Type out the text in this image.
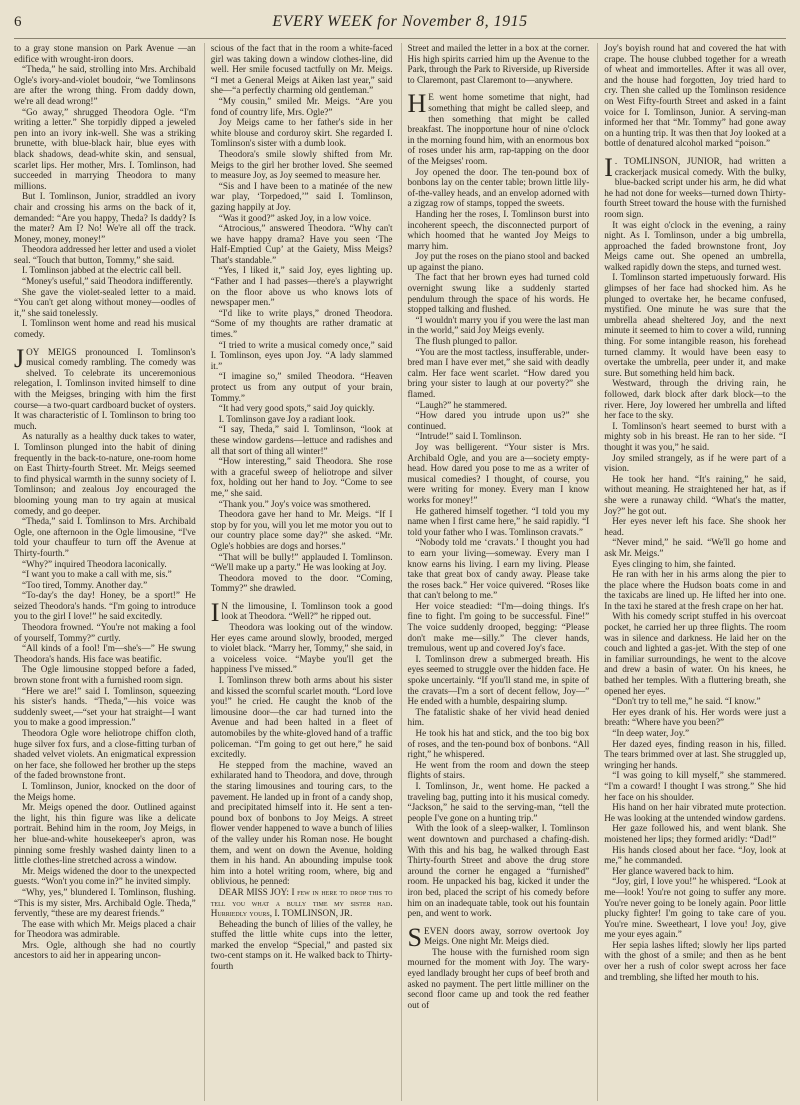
6	EVERY WEEK for November 8, 1915

to a gray stone mansion on Park Avenue —an edifice with wrought-iron doors.

“Theda,” he said, strolling into Mrs. Archibald Ogle's ivory-and-violet boudoir, “we Tomlinsons are after the wrong thing. From daddy down, we're all dead wrong!”

“Go away,” shrugged Theodora Ogle. “I'm writing a letter.” She torpidly dipped a jeweled pen into an ivory ink-well. She was a striking brunette, with blue-black hair, blue eyes with black shadows, dead-white skin, and sensual, scarlet lips. Her mother, Mrs. I. Tomlinson, had succeeded in marrying Theodora to many millions.

But I. Tomlinson, Junior, straddled an ivory chair and crossing his arms on the back of it, demanded: “Are you happy, Theda? Is daddy? Is the mater? Am I? No! We're all off the track. Money, money, money!”

Theodora addressed her letter and used a violet seal. “Touch that button, Tommy,” she said.

I. Tomlinson jabbed at the electric call bell.

“Money's useful,” said Theodora indifferently.

She gave the violet-sealed letter to a maid. “You can't get along without money—oodles of it,” she said tonelessly.

I. Tomlinson went home and read his musical comedy.

JOY MEIGS pronounced I. Tomlinson's musical comedy rambling. The comedy was shelved. To celebrate its unceremonious relegation, I. Tomlinson invited himself to dine with the Meigses, bringing with him the first course—a two-quart cardboard bucket of oysters. It was characteristic of I. Tomlinson to bring too much.

As naturally as a healthy duck takes to water, I. Tomlinson plunged into the habit of dining frequently in the back-to-nature, one-room home on East Thirty-fourth Street. Mr. Meigs seemed to find physical warmth in the sunny society of I. Tomlinson; and zealous Joy encouraged the blooming young man to try again at musical comedy, and go deeper.

“Theda,” said I. Tomlinson to Mrs. Archibald Ogle, one afternoon in the Ogle limousine, “I've told your chauffeur to turn off the Avenue at Thirty-fourth.”

“Why?” inquired Theodora laconically.

“I want you to make a call with me, sis.”

“Too tired, Tommy. Another day.”

“To-day's the day! Honey, be a sport!” He seized Theodora's hands. “I'm going to introduce you to the girl I love!” he said excitedly.

Theodora frowned. “You're not making a fool of yourself, Tommy?” curtly.

“All kinds of a fool! I'm—she's—” He swung Theodora's hands. His face was beatific.

The Ogle limousine stopped before a faded, brown stone front with a furnished room sign.

“Here we are!” said I. Tomlinson, squeezing his sister's hands. “Theda,”—his voice was suddenly sweet,—“set your hat straight—I want you to make a good impression.”

Theodora Ogle wore heliotrope chiffon cloth, huge silver fox furs, and a close-fitting turban of shaded velvet violets. An enigmatical expression on her face, she followed her brother up the steps of the faded brownstone front.

I. Tomlinson, Junior, knocked on the door of the Meigs home.

Mr. Meigs opened the door. Outlined against the light, his thin figure was like a delicate portrait. Behind him in the room, Joy Meigs, in her blue-and-white housekeeper's apron, was pinning some freshly washed dainty linen to a little clothes-line stretched across a window.

Mr. Meigs widened the door to the unexpected guests. “Won't you come in?” he invited simply.

“Why, yes,” blundered I. Tomlinson, flushing. “This is my sister, Mrs. Archibald Ogle. Theda,” fervently, “these are my dearest friends.”

The ease with which Mr. Meigs placed a chair for Theodora was admirable.

Mrs. Ogle, although she had no courtly ancestors to aid her in appearing uncon-

scious of the fact that in the room a white-faced girl was taking down a window clothes-line, did well. Her smile focused tactfully on Mr. Meigs. “I met a General Meigs at Aiken last year,” said she—“a perfectly charming old gentleman.”

“My cousin,” smiled Mr. Meigs. “Are you fond of country life, Mrs. Ogle?”

Joy Meigs came to her father's side in her white blouse and corduroy skirt. She regarded I. Tomlinson's sister with a dumb look.

Theodora's smile slowly shifted from Mr. Meigs to the girl her brother loved. She seemed to measure Joy, as Joy seemed to measure her.

“Sis and I have been to a matinée of the new war play, ‘Torpedoed,’” said I. Tomlinson, gazing happily at Joy.

“Was it good?” asked Joy, in a low voice.

“Atrocious,” answered Theodora. “Why can't we have happy drama? Have you seen ‘The Half-Emptied Cup’ at the Gaiety, Miss Meigs? That's standable.”

“Yes, I liked it,” said Joy, eyes lighting up. “Father and I had passes—there's a playwright on the floor above us who knows lots of newspaper men.”

“I'd like to write plays,” droned Theodora. “Some of my thoughts are rather dramatic at times.”

“I tried to write a musical comedy once,” said I. Tomlinson, eyes upon Joy. “A lady slammed it.”

“I imagine so,” smiled Theodora. “Heaven protect us from any output of your brain, Tommy.”

“It had very good spots,” said Joy quickly.

I. Tomlinson gave Joy a radiant look.

“I say, Theda,” said I. Tomlinson, “look at these window gardens—lettuce and radishes and all that sort of thing all winter!”

“How interesting,” said Theodora. She rose with a graceful sweep of heliotrope and silver fox, holding out her hand to Joy. “Come to see me,” she said.

“Thank you.” Joy's voice was smothered.

Theodora gave her hand to Mr. Meigs. “If I stop by for you, will you let me motor you out to our country place some day?” she asked. “Mr. Ogle's hobbies are dogs and horses.”

“That will be bully!” applauded I. Tomlinson. “We'll make up a party.” He was looking at Joy.

Theodora moved to the door. “Coming, Tommy?” she drawled.

I N the limousine, I. Tomlinson took a good look at Theodora. “Well?” he ripped out.

Theodora was looking out of the window. Her eyes came around slowly, brooded, merged to violet black. “Marry her, Tommy,” she said, in a voiceless voice. “Maybe you'll get the happiness I've missed.”

I. Tomlinson threw both arms about his sister and kissed the scornful scarlet mouth. “Lord love you!” he cried. He caught the knob of the limousine door—the car had turned into the Avenue and had been halted in a fleet of automobiles by the white-gloved hand of a traffic policeman. “I'm going to get out here,” he said excitedly.

He stepped from the machine, waved an exhilarated hand to Theodora, and dove, through the staring limousines and touring cars, to the pavement. He landed up in front of a candy shop, and precipitated himself into it. He sent a ten-pound box of bonbons to Joy Meigs. A street flower vender happened to wave a bunch of lilies of the valley under his Roman nose. He bought them, and went on down the Avenue, holding them in his hand. An abounding impulse took him into a hotel writing room, where, big and oblivious, he penned:

DEAR MISS JOY: I few in here to drop this to tell you what a bully time my sister had. Hurriedly yours, I. TOMLINSON, JR.

Beheading the bunch of lilies of the valley, he stuffed the little white cups into the letter, marked the envelop “Special,” and pasted six two-cent stamps on it. He walked back to Thirty-fourth

Street and mailed the letter in a box at the corner. His high spirits carried him up the Avenue to the Park, through the Park to Riverside, up Riverside to Claremont, past Claremont to—anywhere.

H E went home sometime that night, had something that might be called sleep, and then something that might be called breakfast. The inopportune hour of nine o'clock in the morning found him, with an enormous box of roses under his arm, rap-tapping on the door of the Meigses' room.

Joy opened the door. The ten-pound box of bonbons lay on the center table; brown little lily-of-the-valley heads, and an envelop adorned with a zigzag row of stamps, topped the sweets.

Handing her the roses, I. Tomlinson burst into incoherent speech, the disconnected purport of which hoomed that he wanted Joy Meigs to marry him.

Joy put the roses on the piano stool and backed up against the piano.

The fact that her brown eyes had turned cold overnight swung like a suddenly started pendulum through the space of his words. He stopped talking and flushed.

“I wouldn't marry you if you were the last man in the world,” said Joy Meigs evenly.

The flush plunged to pallor.

“You are the most tactless, insufferable, under-bred man I have ever met,” she said with deadly calm. Her face went scarlet. “How dared you bring your sister to laugh at our poverty?” she flamed.

“Laugh?” he stammered.

“How dared you intrude upon us?” she continued.

“Intrude!” said I. Tomlinson.

Joy was belligerent. “Your sister is Mrs. Archibald Ogle, and you are a—society empty-head. How dared you pose to me as a writer of musical comedies? I thought, of course, you were writing for money. Every man I know works for money!”

He gathered himself together. “I told you my name when I first came here,” he said rapidly. “I told your father who I was. Tomlinson cravats.”

“Nobody told me ‘cravats.’ I thought you had to earn your living—someway. Every man I know earns his living. I earn my living. Please take that great box of candy away. Please take the roses back.” Her voice quivered. “Roses like that can't belong to me.”

Her voice steadied: “I'm—doing things. It's fine to fight. I'm going to be successful. Fine!” The voice suddenly drooped, begging: “Please don't make me—silly.” The clever hands, tremulous, went up and covered Joy's face.

I. Tomlinson drew a submerged breath. His eyes seemed to struggle over the hidden face. He spoke uncertainly. “If you'll stand me, in spite of the cravats—I'm a sort of decent fellow, Joy—” He ended with a humble, despairing slump.

The fatalistic shake of her vivid head denied him.

He took his hat and stick, and the too big box of roses, and the ten-pound box of bonbons. “All right,” he whispered.

He went from the room and down the steep flights of stairs.

I. Tomlinson, Jr., went home. He packed a traveling bag, putting into it his musical comedy. “Jackson,” he said to the serving-man, “tell the people I've gone on a hunting trip.”

With the look of a sleep-walker, I. Tomlinson went downtown and purchased a chafing-dish. With this and his bag, he walked through East Thirty-fourth Street and above the drug store around the corner he engaged a “furnished” room. He unpacked his bag, kicked it under the iron bed, placed the script of his comedy before him on an inadequate table, took out his fountain pen, and went to work.

SEVEN doors away, sorrow overtook Joy Meigs. One night Mr. Meigs died.

The house with the furnished room sign mourned for the moment with Joy. The wary-eyed landlady brought her cups of beef broth and asked no payment. The pert little milliner on the second floor came up and took the red feather out of

Joy's boyish round hat and covered the hat with crape. The house clubbed together for a wreath of wheat and immortelles. After it was all over, and the house had forgotten, Joy tried hard to cry. Then she called up the Tomlinson residence on West Fifty-fourth Street and asked in a faint voice for I. Tomlinson, Junior. A serving-man informed her that “Mr. Tommy” had gone away on a hunting trip. It was then that Joy looked at a bottle of denatured alcohol marked “poison.”

I . TOMLINSON, JUNIOR, had written a crackerjack musical comedy. With the bulky, blue-backed script under his arm, he did what he had not done for weeks—turned down Thirty-fourth Street toward the house with the furnished room sign.

It was eight o'clock in the evening, a rainy night. As I. Tomlinson, under a big umbrella, approached the faded brownstone front, Joy Meigs came out. She opened an umbrella, walked rapidly down the steps, and turned west.

I. Tomlinson started impetuously forward. His glimpses of her face had shocked him. As he plunged to overtake her, he became confused, mystified. One minute he was sure that the umbrella ahead sheltered Joy, and the next minute it seemed to him to cover a wild, running thing. For some intangible reason, his forehead turned clammy. It would have been easy to overtake the umbrella, peer under it, and make sure. But something held him back.

Westward, through the driving rain, he followed, dark block after dark block—to the river. Here, Joy lowered her umbrella and lifted her face to the sky.

I. Tomlinson's heart seemed to burst with a mighty sob in his breast. He ran to her side. “I thought it was you,” he said.

Joy smiled strangely, as if he were part of a vision.

He took her hand. “It's raining,” he said, without meaning. He straightened her hat, as if she were a runaway child. “What's the matter, Joy?” he got out.

Her eyes never left his face. She shook her head.

“Never mind,” he said. “We'll go home and ask Mr. Meigs.”

Eyes clinging to him, she fainted.

He ran with her in his arms along the pier to the place where the Hudson boats come in and the taxicabs are lined up. He lifted her into one. In the taxi he stared at the fresh crape on her hat.

With his comedy script stuffed in his overcoat pocket, he carried her up three flights. The room was in silence and darkness. He laid her on the couch and lighted a gas-jet. With the step of one in familiar surroundings, he went to the alcove and drew a basin of water. On his knees, he bathed her temples. With a fluttering breath, she opened her eyes.

“Don't try to tell me,” he said. “I know.”

Her eyes drank of his. Her words were just a breath: “Where have you been?”

“In deep water, Joy.”

Her dazed eyes, finding reason in his, filled. The tears brimmed over at last. She struggled up, wringing her hands.

“I was going to kill myself,” she stammered. “I'm a coward! I thought I was strong.” She hid her face on his shoulder.

His hand on her hair vibrated mute protection. He was looking at the untended window gardens.

Her gaze followed his, and went blank. She moistened her lips; they formed aridly: “Dad!”

His hands closed about her face. “Joy, look at me,” he commanded.

Her glance wavered back to him.

“Joy, girl, I love you!” he whispered. “Look at me—look! You're not going to suffer any more. You're never going to be lonely again. Poor little plucky fighter! I'm going to take care of you. You're mine. Sweetheart, I love you! Joy, give me your eyes again.”

Her sepia lashes lifted; slowly her lips parted with the ghost of a smile; and then as he bent over her a rush of color swept across her face and trembling, she lifted her mouth to his.
